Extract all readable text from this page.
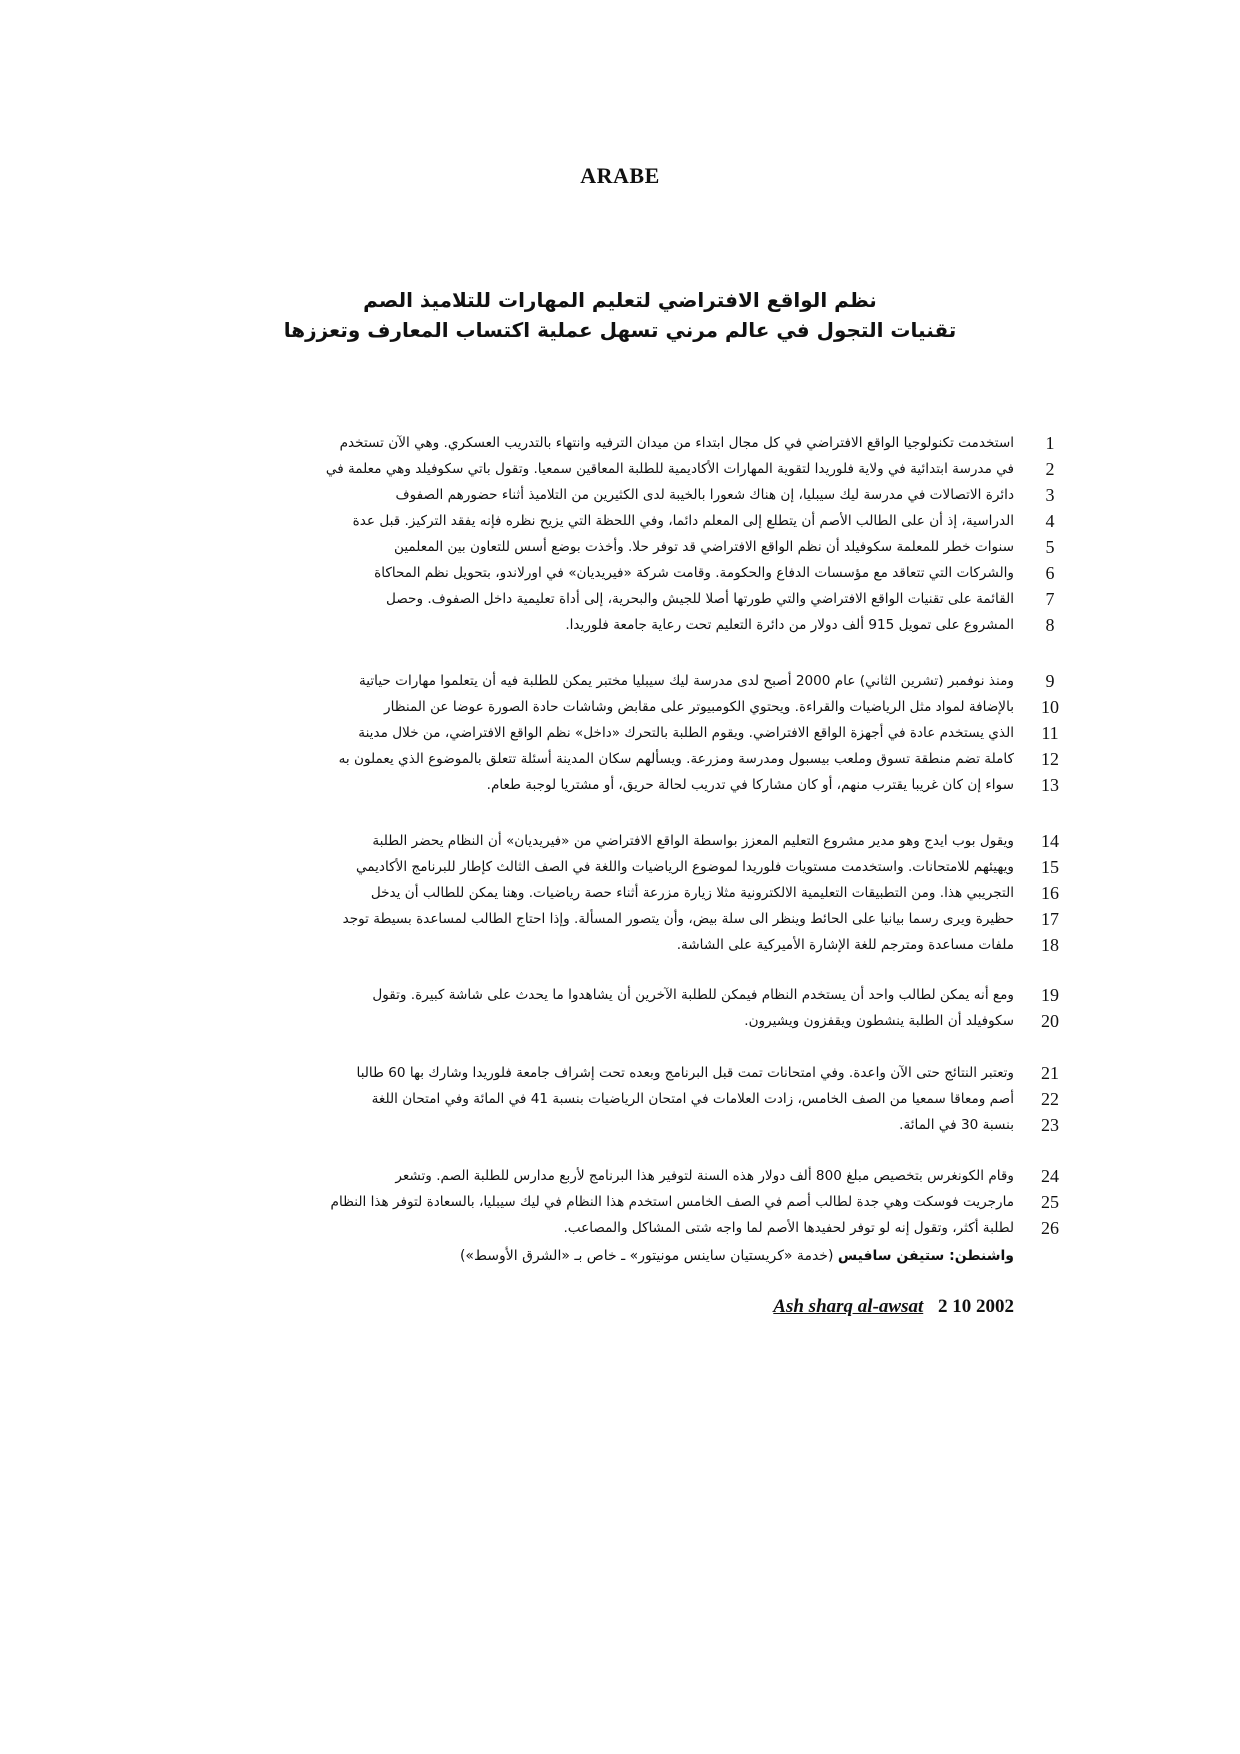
ARABE
نظم الواقع الافتراضي لتعليم المهارات للتلاميذ الصم
تقنيات التجول في عالم مرني تسهل عملية اكتساب المعارف وتعززها
استخدمت تكنولوجيا الواقع الافتراضي في كل مجال ابتداء من ميدان الترفيه وانتهاء بالتدريب العسكري. وهي الآن تستخدم	1
في مدرسة ابتدائية في ولاية فلوريدا لتقوية المهارات الأكاديمية للطلبة المعاقين سمعيا. وتقول باتي سكوفيلد وهي معلمة في	2
دائرة الاتصالات في مدرسة ليك سيبليا، إن هناك شعورا بالخيبة لدى الكثيرين من التلاميذ أثناء حضورهم الصفوف	3
الدراسية، إذ أن على الطالب الأصم أن يتطلع إلى المعلم دائما، وفي اللحظة التي يزيح نظره فإنه يفقد التركيز. قبل عدة	4
سنوات خطر للمعلمة سكوفيلد أن نظم الواقع الافتراضي قد توفر حلا. وأخذت بوضع أسس للتعاون بين المعلمين	5
والشركات التي تتعاقد مع مؤسسات الدفاع والحكومة. وقامت شركة «فيريديان» في اورلاندو، بتحويل نظم المحاكاة	6
القائمة على تقنيات الواقع الافتراضي والتي طورتها أصلا للجيش والبحرية، إلى أداة تعليمية داخل الصفوف. وحصل	7
المشروع على تمويل 915 ألف دولار من دائرة التعليم تحت رعاية جامعة فلوريدا.	8
ومنذ نوفمبر (تشرين الثاني) عام 2000 أصبح لدى مدرسة ليك سيبليا مختبر يمكن للطلبة فيه أن يتعلموا مهارات حياتية	9
بالإضافة لمواد مثل الرياضيات والقراءة. ويحتوي الكومبيوتر على مقابض وشاشات حادة الصورة عوضا عن المنظار	10
الذي يستخدم عادة في أجهزة الواقع الافتراضي. ويقوم الطلبة بالتحرك «داخل» نظم الواقع الافتراضي، من خلال مدينة	11
كاملة تضم منطقة تسوق وملعب بيسبول ومدرسة ومزرعة. ويسألهم سكان المدينة أسئلة تتعلق بالموضوع الذي يعملون به	12
سواء إن كان غريبا يقترب منهم، أو كان مشاركا في تدريب لحالة حريق، أو مشتريا لوجبة طعام.	13
ويقول بوب ايدج وهو مدير مشروع التعليم المعزز بواسطة الواقع الافتراضي من «فيريديان» أن النظام يحضر الطلبة	14
ويهيئهم للامتحانات. واستخدمت مستويات فلوريدا لموضوع الرياضيات واللغة في الصف الثالث كإطار للبرنامج الأكاديمي	15
التجريبي هذا. ومن التطبيقات التعليمية الالكترونية مثلا زيارة مزرعة أثناء حصة رياضيات. وهنا يمكن للطالب أن يدخل	16
حظيرة ويرى رسما بيانيا على الحائط وينظر الى سلة بيض، وأن يتصور المسألة. وإذا احتاج الطالب لمساعدة بسيطة توجد	17
ملفات مساعدة ومترجم للغة الإشارة الأميركية على الشاشة.	18
ومع أنه يمكن لطالب واحد أن يستخدم النظام فيمكن للطلبة الآخرين أن يشاهدوا ما يحدث على شاشة كبيرة. وتقول	19
سكوفيلد أن الطلبة ينشطون ويقفزون ويشيرون.	20
وتعتبر النتائج حتى الآن واعدة. وفي امتحانات تمت قبل البرنامج وبعده تحت إشراف جامعة فلوريدا وشارك بها 60 طالبا	21
أصم ومعاقا سمعيا من الصف الخامس، زادت العلامات في امتحان الرياضيات بنسبة 41 في المائة وفي امتحان اللغة	22
بنسبة 30 في المائة.	23
وقام الكونغرس بتخصيص مبلغ 800 ألف دولار هذه السنة لتوفير هذا البرنامج لأربع مدارس للطلبة الصم. وتشعر	24
مارجريت فوسكت وهي جدة لطالب أصم في الصف الخامس استخدم هذا النظام في ليك سيبليا، بالسعادة لتوفر هذا النظام	25
لطلبة أكثر، وتقول إنه لو توفر لحفيدها الأصم لما واجه شتى المشاكل والمصاعب.	26
واشنطن: ستيفن سافيس (خدمة «كريستيان ساينس مونيتور» ـ خاص بـ «الشرق الأوسط»)
Ash sharq al-awsat 2 10 2002
